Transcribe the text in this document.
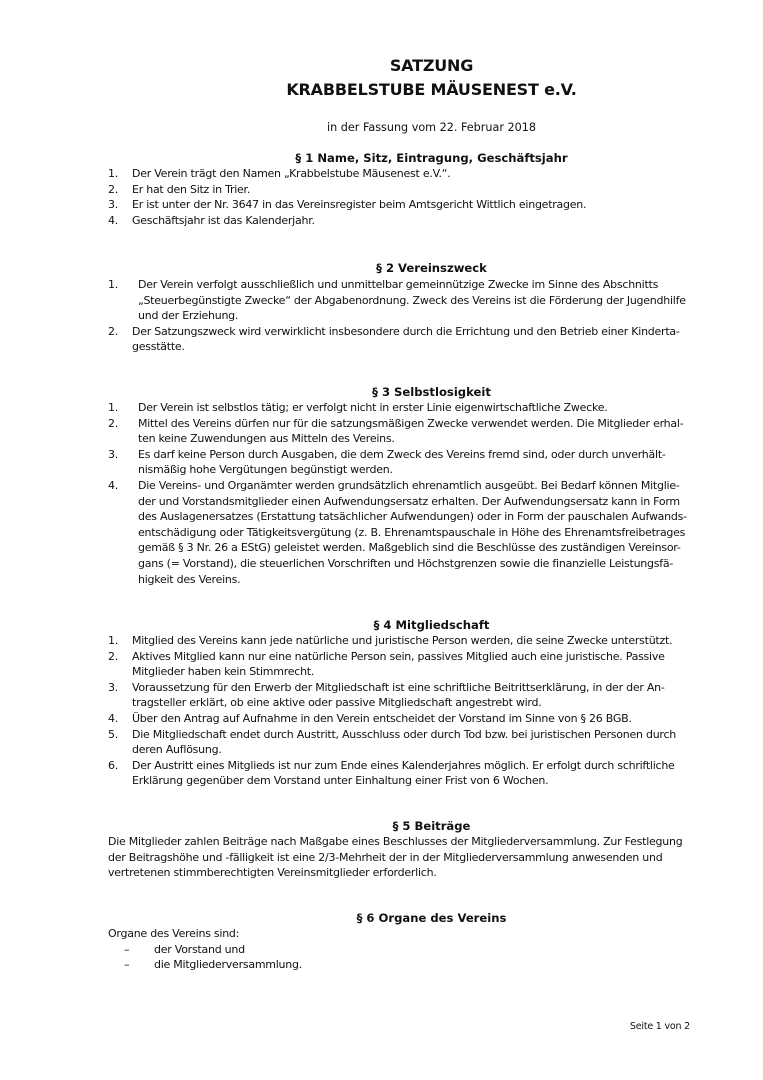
SATZUNG
KRABBELSTUBE MÄUSENEST e.V.
in der Fassung vom 22. Februar 2018
§ 1 Name, Sitz, Eintragung, Geschäftsjahr
1.	Der Verein trägt den Namen „Krabbelstube Mäusenest e.V.“.
2.	Er hat den Sitz in Trier.
3.	Er ist unter der Nr. 3647 in das Vereinsregister beim Amtsgericht Wittlich eingetragen.
4.	Geschäftsjahr ist das Kalenderjahr.
§ 2 Vereinszweck
1.	Der Verein verfolgt ausschließlich und unmittelbar gemeinnützige Zwecke im Sinne des Abschnitts
„Steuerbegünstigte Zwecke“ der Abgabenordnung. Zweck des Vereins ist die Förderung der Jugendhilfe
und der Erziehung.
2.	Der Satzungszweck wird verwirklicht insbesondere durch die Errichtung und den Betrieb einer Kinderta-
gesstätte.
§ 3 Selbstlosigkeit
1.	Der Verein ist selbstlos tätig; er verfolgt nicht in erster Linie eigenwirtschaftliche Zwecke.
2.	Mittel des Vereins dürfen nur für die satzungsmäßigen Zwecke verwendet werden. Die Mitglieder erhal-
ten keine Zuwendungen aus Mitteln des Vereins.
3.	Es darf keine Person durch Ausgaben, die dem Zweck des Vereins fremd sind, oder durch unverhält-
nismäßig hohe Vergütungen begünstigt werden.
4.	Die Vereins- und Organämter werden grundsätzlich ehrenamtlich ausgeübt. Bei Bedarf können Mitglie-
der und Vorstandsmitglieder einen Aufwendungsersatz erhalten. Der Aufwendungsersatz kann in Form
des Auslagenersatzes (Erstattung tatsächlicher Aufwendungen) oder in Form der pauschalen Aufwands-
entschädigung oder Tätigkeitsvergütung (z. B. Ehrenamtspauschale in Höhe des Ehrenamtsfreibetrages
gemäß § 3 Nr. 26 a EStG) geleistet werden. Maßgeblich sind die Beschlüsse des zuständigen Vereinsor-
gans (= Vorstand), die steuerlichen Vorschriften und Höchstgrenzen sowie die finanzielle Leistungsfä-
higkeit des Vereins.
§ 4 Mitgliedschaft
1.	Mitglied des Vereins kann jede natürliche und juristische Person werden, die seine Zwecke unterstützt.
2.	Aktives Mitglied kann nur eine natürliche Person sein, passives Mitglied auch eine juristische. Passive
Mitglieder haben kein Stimmrecht.
3.	Voraussetzung für den Erwerb der Mitgliedschaft ist eine schriftliche Beitrittserklärung, in der der An-
tragsteller erklärt, ob eine aktive oder passive Mitgliedschaft angestrebt wird.
4.	Über den Antrag auf Aufnahme in den Verein entscheidet der Vorstand im Sinne von § 26 BGB.
5.	Die Mitgliedschaft endet durch Austritt, Ausschluss oder durch Tod bzw. bei juristischen Personen durch
deren Auflösung.
6.	Der Austritt eines Mitglieds ist nur zum Ende eines Kalenderjahres möglich. Er erfolgt durch schriftliche
Erklärung gegenüber dem Vorstand unter Einhaltung einer Frist von 6 Wochen.
§ 5 Beiträge
Die Mitglieder zahlen Beiträge nach Maßgabe eines Beschlusses der Mitgliederversammlung. Zur Festlegung
der Beitragshöhe und -fälligkeit ist eine 2/3-Mehrheit der in der Mitgliederversammlung anwesenden und
vertretenen stimmberechtigten Vereinsmitglieder erforderlich.
§ 6 Organe des Vereins
Organe des Vereins sind:
–	der Vorstand und
–	die Mitgliederversammlung.
Seite 1 von 2
